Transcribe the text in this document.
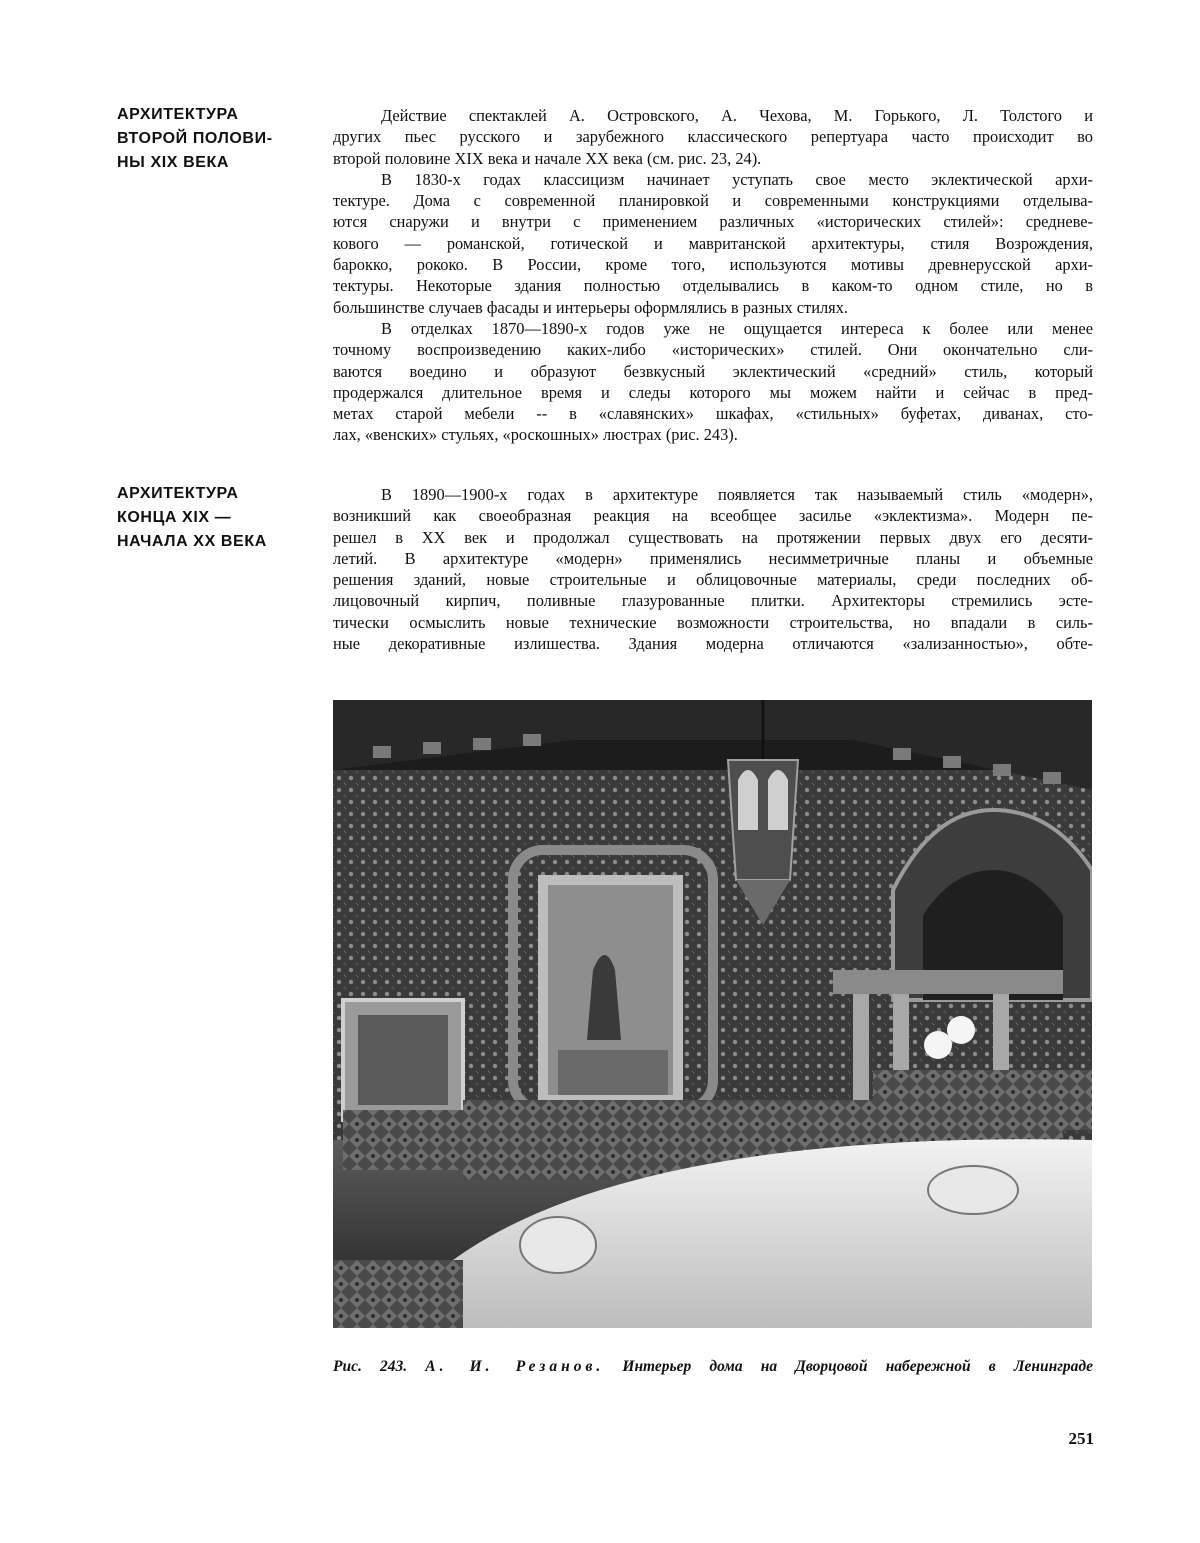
АРХИТЕКТУРА
ВТОРОЙ ПОЛОВИ-
НЫ XIX ВЕКА

Действие спектаклей А. Островского, А. Чехова, М. Горького, Л. Толстого и
других пьес русского и зарубежного классического репертуара часто происходит во
второй половине XIX века и начале XX века (см. рис. 23, 24).

В 1830-х годах классицизм начинает уступать свое место эклектической архи-
тектуре. Дома с современной планировкой и современными конструкциями отделыва-
ются снаружи и внутри с применением различных «исторических стилей»: средневе-
кового — романской, готической и мавританской архитектуры, стиля Возрождения,
барокко, рококо. В России, кроме того, используются мотивы древнерусской архи-
тектуры. Некоторые здания полностью отделывались в каком-то одном стиле, но в
большинстве случаев фасады и интерьеры оформлялись в разных стилях.

В отделках 1870—1890-х годов уже не ощущается интереса к более или менее
точному воспроизведению каких-либо «исторических» стилей. Они окончательно сли-
ваются воедино и образуют безвкусный эклектический «средний» стиль, который
продержался длительное время и следы которого мы можем найти и сейчас в пред-
метах старой мебели -- в «славянских» шкафах, «стильных» буфетах, диванах, сто-
лах, «венских» стульях, «роскошных» люстрах (рис. 243).

АРХИТЕКТУРА
КОНЦА XIX —
НАЧАЛА XX ВЕКА

В 1890—1900-х годах в архитектуре появляется так называемый стиль «модерн»,
возникший как своеобразная реакция на всеобщее засилье «эклектизма». Модерн пе-
решел в XX век и продолжал существовать на протяжении первых двух его десяти-
летий. В архитектуре «модерн» применялись несимметричные планы и объемные
решения зданий, новые строительные и облицовочные материалы, среди последних об-
лицовочный кирпич, поливные глазурованные плитки. Архитекторы стремились эсте-
тически осмыслить новые технические возможности строительства, но впадали в силь-
ные декоративные излишества. Здания модерна отличаются «зализанностью», обте-

Рис. 243. А. И. Резанов. Интерьер дома на Дворцовой набережной в Ленинграде
251
